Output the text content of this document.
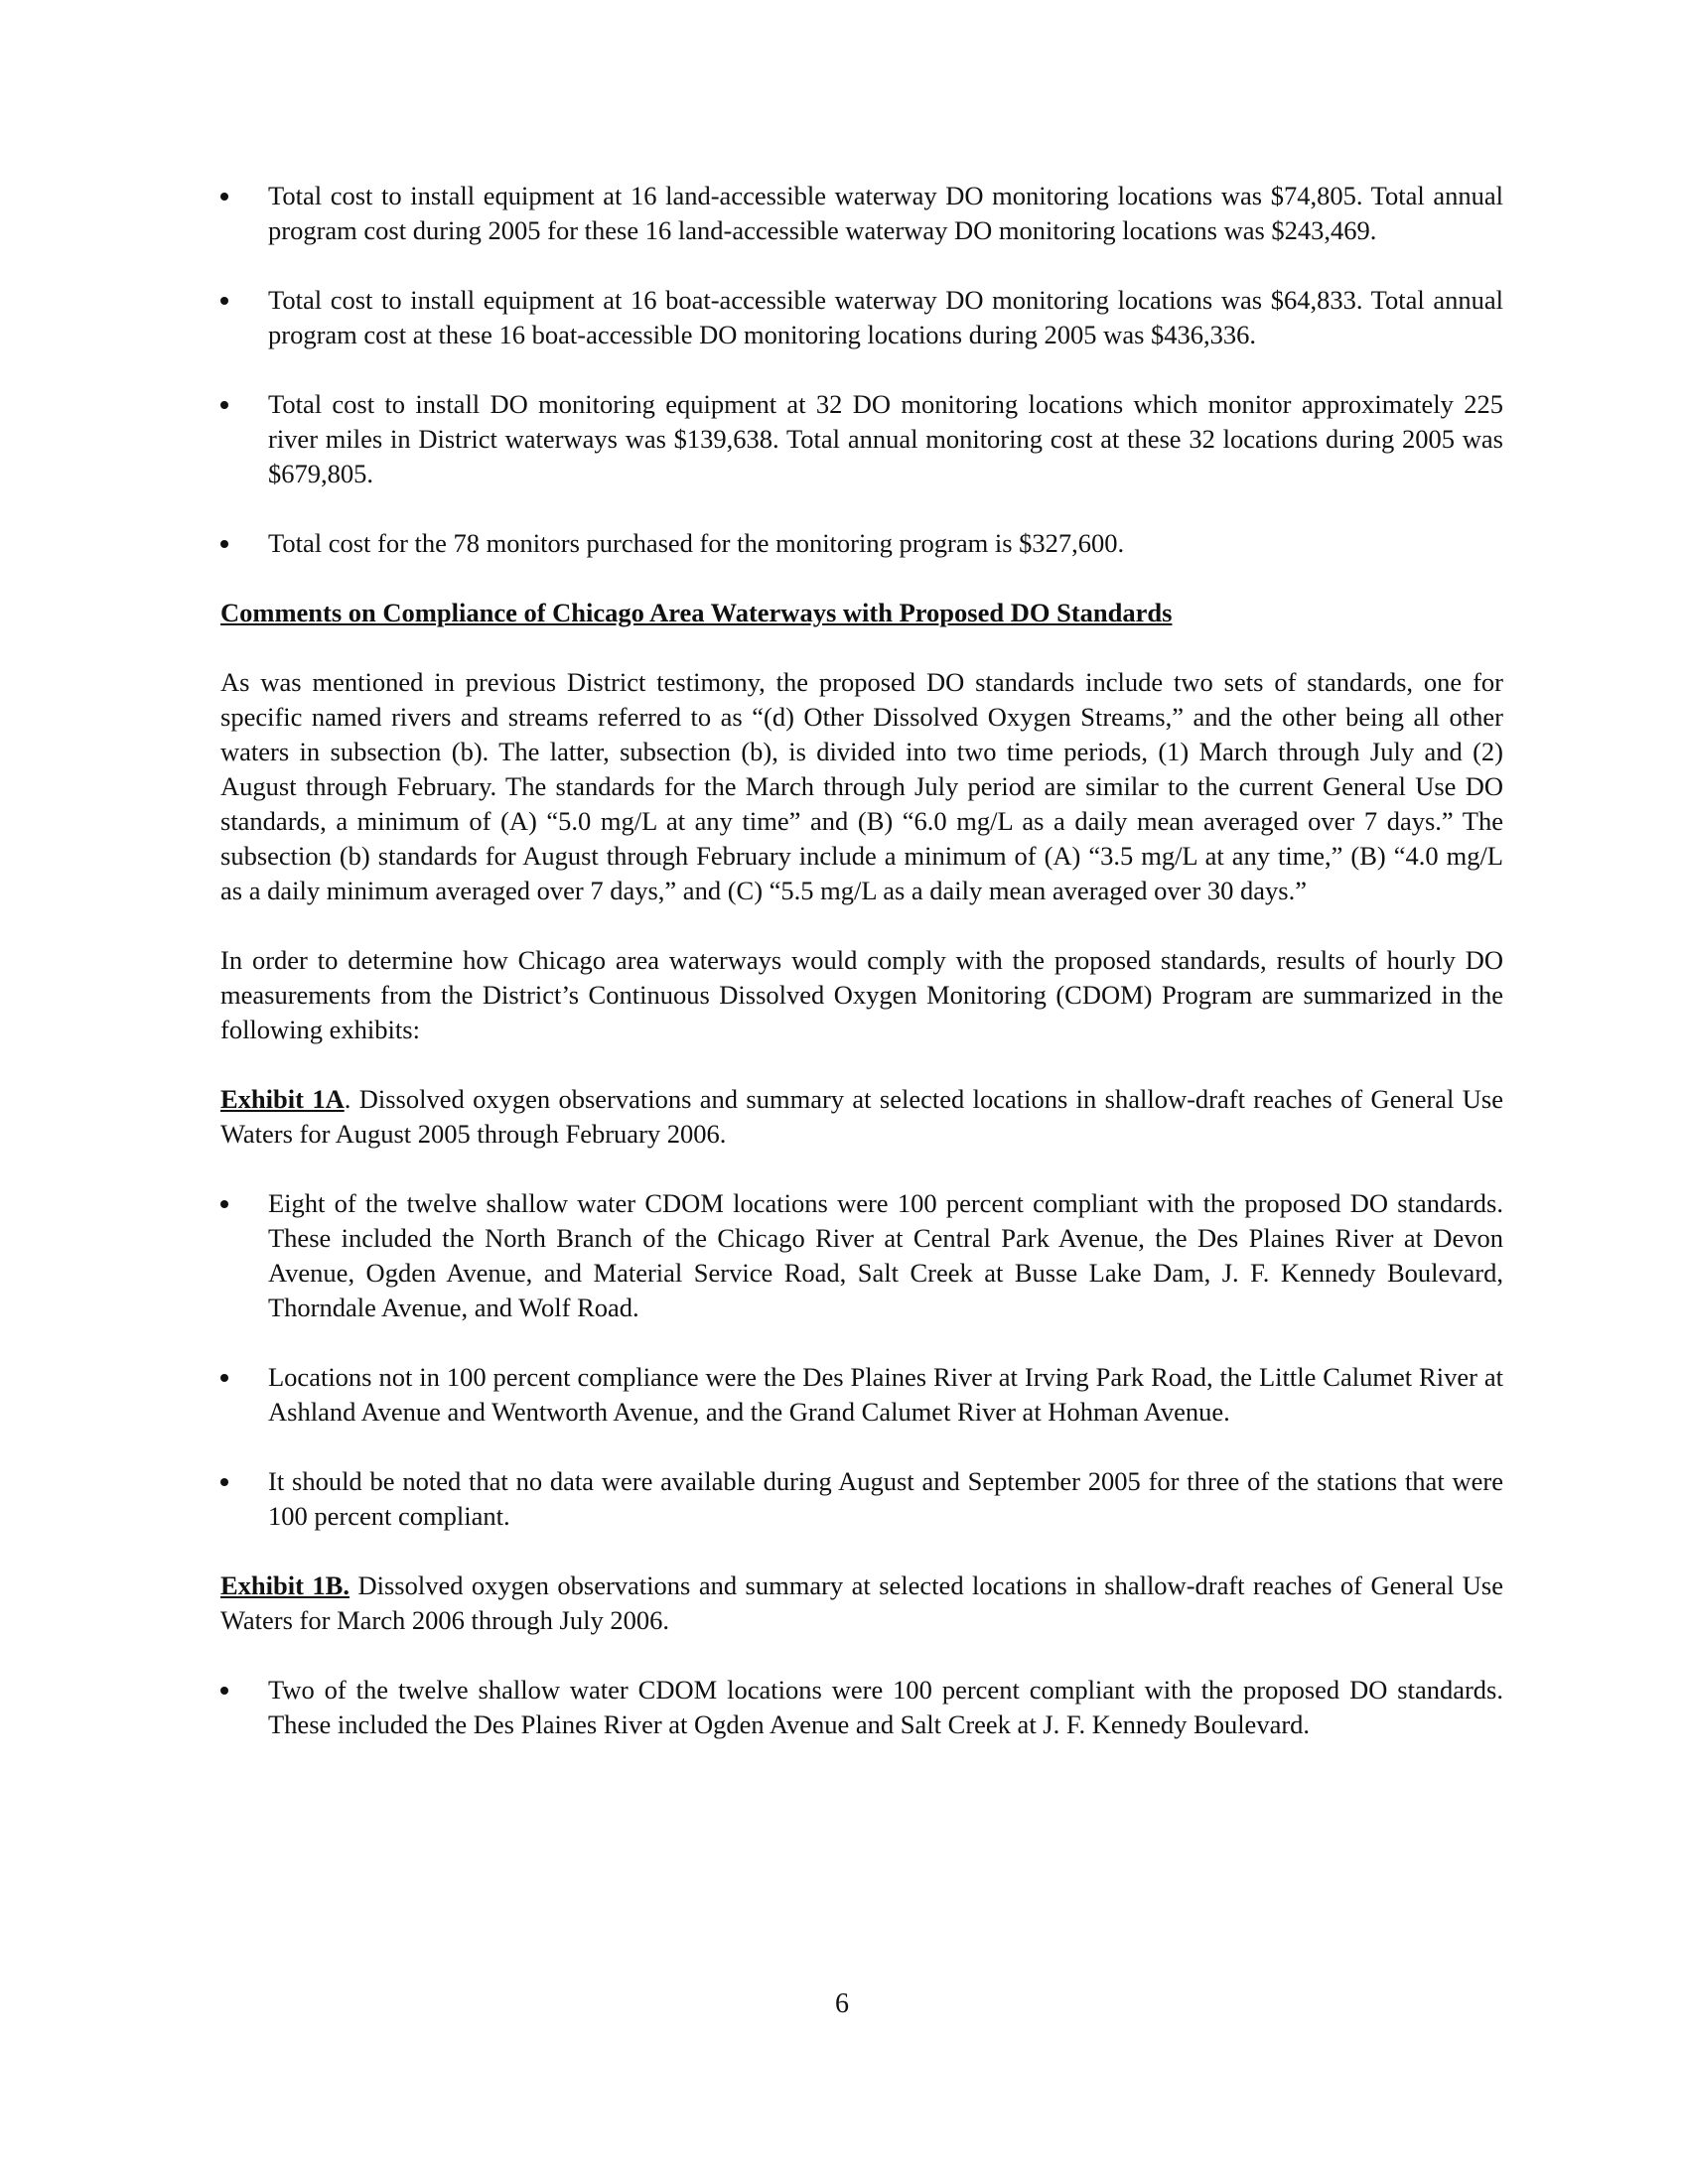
Total cost to install equipment at 16 land-accessible waterway DO monitoring locations was $74,805. Total annual program cost during 2005 for these 16 land-accessible waterway DO monitoring locations was $243,469.
Total cost to install equipment at 16 boat-accessible waterway DO monitoring locations was $64,833. Total annual program cost at these 16 boat-accessible DO monitoring locations during 2005 was $436,336.
Total cost to install DO monitoring equipment at 32 DO monitoring locations which monitor approximately 225 river miles in District waterways was $139,638. Total annual monitoring cost at these 32 locations during 2005 was $679,805.
Total cost for the 78 monitors purchased for the monitoring program is $327,600.
Comments on Compliance of Chicago Area Waterways with Proposed DO Standards

As was mentioned in previous District testimony, the proposed DO standards include two sets of standards, one for specific named rivers and streams referred to as “(d) Other Dissolved Oxygen Streams,” and the other being all other waters in subsection (b). The latter, subsection (b), is divided into two time periods, (1) March through July and (2) August through February. The standards for the March through July period are similar to the current General Use DO standards, a minimum of (A) “5.0 mg/L at any time” and (B) “6.0 mg/L as a daily mean averaged over 7 days.” The subsection (b) standards for August through February include a minimum of (A) “3.5 mg/L at any time,” (B) “4.0 mg/L as a daily minimum averaged over 7 days,” and (C) “5.5 mg/L as a daily mean averaged over 30 days.”

In order to determine how Chicago area waterways would comply with the proposed standards, results of hourly DO measurements from the District’s Continuous Dissolved Oxygen Monitoring (CDOM) Program are summarized in the following exhibits:

Exhibit 1A. Dissolved oxygen observations and summary at selected locations in shallow-draft reaches of General Use Waters for August 2005 through February 2006.

Eight of the twelve shallow water CDOM locations were 100 percent compliant with the proposed DO standards. These included the North Branch of the Chicago River at Central Park Avenue, the Des Plaines River at Devon Avenue, Ogden Avenue, and Material Service Road, Salt Creek at Busse Lake Dam, J. F. Kennedy Boulevard, Thorndale Avenue, and Wolf Road.
Locations not in 100 percent compliance were the Des Plaines River at Irving Park Road, the Little Calumet River at Ashland Avenue and Wentworth Avenue, and the Grand Calumet River at Hohman Avenue.
It should be noted that no data were available during August and September 2005 for three of the stations that were 100 percent compliant.

Exhibit 1B. Dissolved oxygen observations and summary at selected locations in shallow-draft reaches of General Use Waters for March 2006 through July 2006.

Two of the twelve shallow water CDOM locations were 100 percent compliant with the proposed DO standards. These included the Des Plaines River at Ogden Avenue and Salt Creek at J. F. Kennedy Boulevard.
6
